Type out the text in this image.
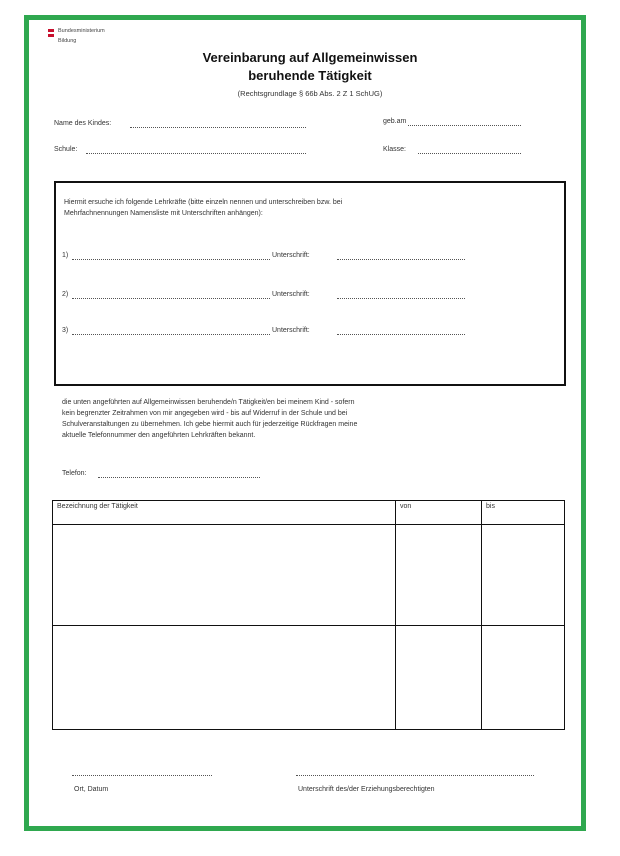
Bundesministerium
Bildung
Vereinbarung auf Allgemeinwissen
beruhende Tätigkeit
(Rechtsgrundlage § 66b Abs. 2 Z 1 SchUG)
Name des Kindes:	geb.am
Schule:	Klasse:
Hiermit ersuche ich folgende Lehrkräfte (bitte einzeln nennen und unterschreiben bzw. bei
Mehrfachnennungen Namensliste mit Unterschriften anhängen):
1)	Unterschrift:
2)	Unterschrift:
3)	Unterschrift:
die unten angeführten auf Allgemeinwissen beruhende/n Tätigkeit/en bei meinem Kind - sofern
kein begrenzter Zeitrahmen von mir angegeben wird - bis auf Widerruf in der Schule und bei
Schulveranstaltungen zu übernehmen. Ich gebe hiermit auch für jederzeitige Rückfragen meine
aktuelle Telefonnummer den angeführten Lehrkräften bekannt.
Telefon:
Bezeichnung der Tätigkeit	von	bis

Ort, Datum	Unterschrift des/der Erziehungsberechtigten
